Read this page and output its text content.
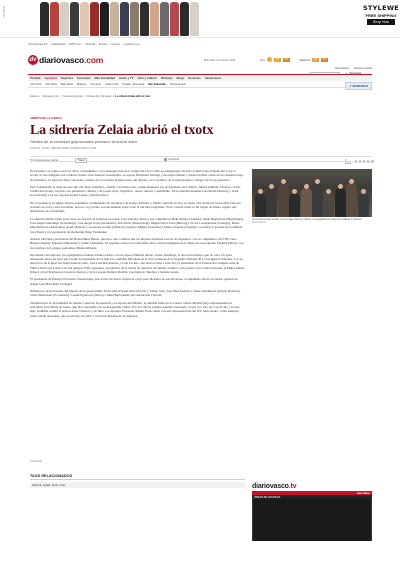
Publicidad	STYLEWE
FREE SHIPPING
Shop Now
Promociones DV | Clasificados | 11870.com | Vivienda | Empleo | Coches | mujerhoy.com
dv diariovasco.com	Miércoles, 22 octubre 2014	Hoy	14	20	Mañana	13	19
Hemeroteca Envía tu noticia
▸ Regístrate
Portada Gipuzkoa Deportes Economía Más Actualidad Gente y TV Ocio y Cultura Participe Blogs Servicios Hemeroteca
Alto Urola Alto Deba Bajo Deba Bidasoa Comarca Costa Urola Pasaia - Errenteria San Sebastián Tolosa-Goierri	✓ ENTRADAS
Estás en: diariovasco.com > Noticias Gipuzkoa > Noticias San Sebastián > La sidrería Zelaia abrió el txotx
ABIERTO DE LA CUENCA
La sidrería Zelaia abrió el txotx
Gentes de la sociedad guipuzcoana probaron la nueva sidra
10.02.10 - 00:06 - SEFORA ZIRIO | DIARIOVASCO.COM
70 Comenta esta noticia	Tweet	Compartir	0 votos

El encuentro se repite todos los años, coincidiendo con la inauguración de la temporada de la sidra en Astigarraga. Ocurrió el miércoles al mediodía y por la noche, la cita obligada en la sidrería Zelaia. José Antonio Garmendia, su esposa Natividad Sarriegi y sus hijas Oihana y Jaione reciben a más de un centenar largo de invitados. La mayoría muy conocidos. Gentes de la sociedad guipuzcoana, del deporte, de la política, de la gastronomía y amigos de los propietarios.

Para Garmendia, la sidra de este año «Es muy aromática, estable y de buen color y debe mantener sus propiedades en botellas». Menú habitual: Chorizo cocido, tortilla de bacalao, bacalao con pimientos, chuleta y de postre tejas, cigarrillos, queso, nueces y membrillo. En la pantalla mandan José María Olazarrg y Xabi Gorrotxategi y en los fogones Isabel Lagata y Domi Santos.

De los primeros en llegar, Karlos Arguiñano acompañado de sus hijas y de Juanjo Altxeiez y Mariló Gelardi. Karlos se cuidó: «En Zelaia hi hacen muy bien, ha probado de todo y está excelente, pero no voy pronto porque mañana grabo todo el día mis programas. Ya le contaré cómo es mi regalo de misas, seguro que desbaraxes en el mundillo.

La sidrería Zelaia forma parte de la asociación de sidrerías Gorosiat. José Antonio invitó a sus compañeros Iñaki Aldabe (Alzuela), Iñaki Begiristain (Begiristain), José Angel Gaztañaga (Gaztañaga), José Angel Goiri (Gurutzeta), Peio Irizar (Bekoetxegi), Miguel Mari Lasa (Iñarrogi), Víctor Lasagabaster (Lizeaga), Maite Mendizabarra (Alorrenea), Axial Olaizola y su esposa Goretti (Olaizola), Ignacio Mujika (Sanzalu) y Mateo Zapiain (Zapiain). Con ellos el gerente de la entidad Josu Esnal y el responsable de marketing Íñigo Fernández.

Ambort Oricuirar, presidente del Boleal Buru Batzar, que tuvo que confesar que las mejores sidrerías son las de Gipuzkoa, con se compañeros de ETB como Bingen Zupiria, Eduarne Olmazabal y Jaime Charnetzil. El segundo canal de la televisión vasca ofrecía imágenes de la fiesta en su programa Euskadi Directo con las palabras de la guapa periodista Oihana Mateus.

Del mundo del deporte, los aguapalistas realistas Periko Alonso con su esposa Maribel Olano, Javier Zubillaga, al que hacía tiempo que no veía. Un gran entrenador ahora en paro que acudió acompañado de su hijo Jon, también futbolista en el club Lamonia de la Segunda División B y José Ignacio Sánchez. Los ex directivos de la Real Sociedad Antonio Otto, José Luis Barrenetxea y Luis Lecuna, que nunca faltan a esta cita; el presidente de la Federación Guipuzcoana de Fútbol Juan Luis Larrea con sus amigos, Félix Apaolaza, propietario de la tienda de deportes del mismo nombre, el de pelota vasca Antón Irurzun, el Mikel Azkue (Imaz), el del Ereñozu en la pelota Zurreta y de los poetas Ramón Madrid, José Ignacio Sánchez y Ramón Arteta.

El presidente de Elkargi Victoriano Susperregui, que al mes de marzo dejará su cargo para disfrutar de sus aficiones, acompañado del ex secretario general de Adegi José Mari Ruiz Urchegui.

Numerosos profesionales del mundo de la gastronomía. Entre ellos Patxan Gim (Tai-Tai y Viento Sur), José Mari Pedrera y Jesús Santamaría (Gruplo Bokado); Javier Benavides (Portuarios), Joseán Egiarroré (Illarra) e Iñaki Barrenendi, del restaurante Txokoli.

También tuve la oportunidad de saludar a Antxon Douxedetti y su esposa Ana Benito; al temible Julen de la Cuesta. Desde Madrid llegó expresamente el periodista José María de Juana, que hizo cuestillas con su inseparable Otaño. En otro rincón saludas Agustín Guerejeta, el que veo solo una vez al año y es una lujo. También acudió el peatón Asier Olaizola y no faltó a la apertura Fernando Amián 'Patxo Ixen' con una representación del DV. Muy atento, como siempre, estuvo Iñaki Ansolena, que se encargó de abrir y cerrar las kupelas de las kupelas.

Publicidad
José Antonio Garmendia, con sus hijas Oihana y Jaione, acompañados de algunos invitados a la fiesta. / MICHELENA
TAGS RELACIONADOS
sidrería, zelaia, abrió, txotx	diariovasco.tv
más vídeos
VÍDEOS DE GIPUZKOA
